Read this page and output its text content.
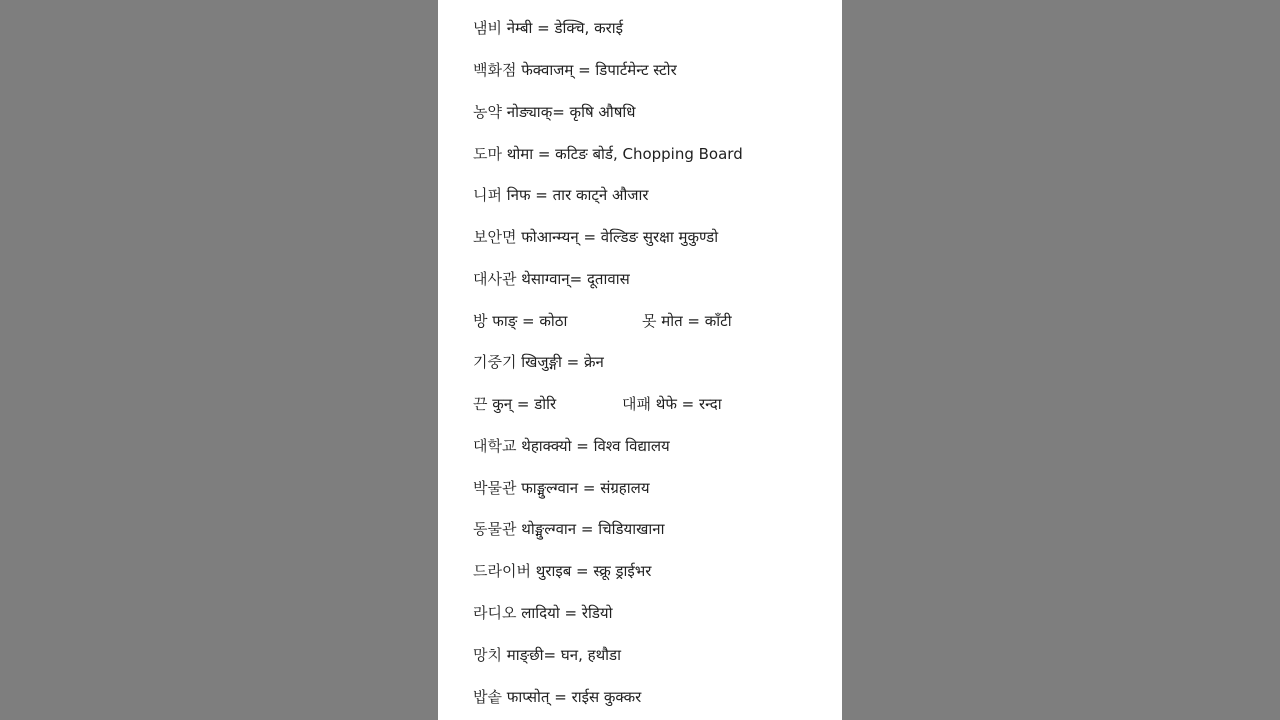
냄비 नेम्बी = डेक्चि, कराई
백화점 फेक्वाजम् = डिपार्टमेन्ट स्टोर
농약 नोङ्याक्= कृषि औषधि
도마 थोमा = कटिङ बोर्ड, Chopping Board
니퍼 निफ = तार काट्ने औजार
보안면 फोआन्म्यन् = वेल्डिङ सुरक्षा मुकुण्डो
대사관 थेसाग्वान्= दूतावास
방 फाङ् = कोठा	못 मोत = काँटी
기중기 खिजुङ्गी = क्रेन
끈 कुन् = डोरि	대패 थेफे = रन्दा
대학교 थेहाक्क्यो = विश्व विद्यालय
박물관 फाङ्मुल्ग्वान = संग्रहालय
동물관 थोङ्मुल्ग्वान = चिडियाखाना
드라이버 थुराइब = स्क्रू ड्राईभर
라디오 लादियो = रेडियो
망치 माङ्छी= घन, हथौडा
밥솥 फाप्सोत् = राईस कुक्कर
